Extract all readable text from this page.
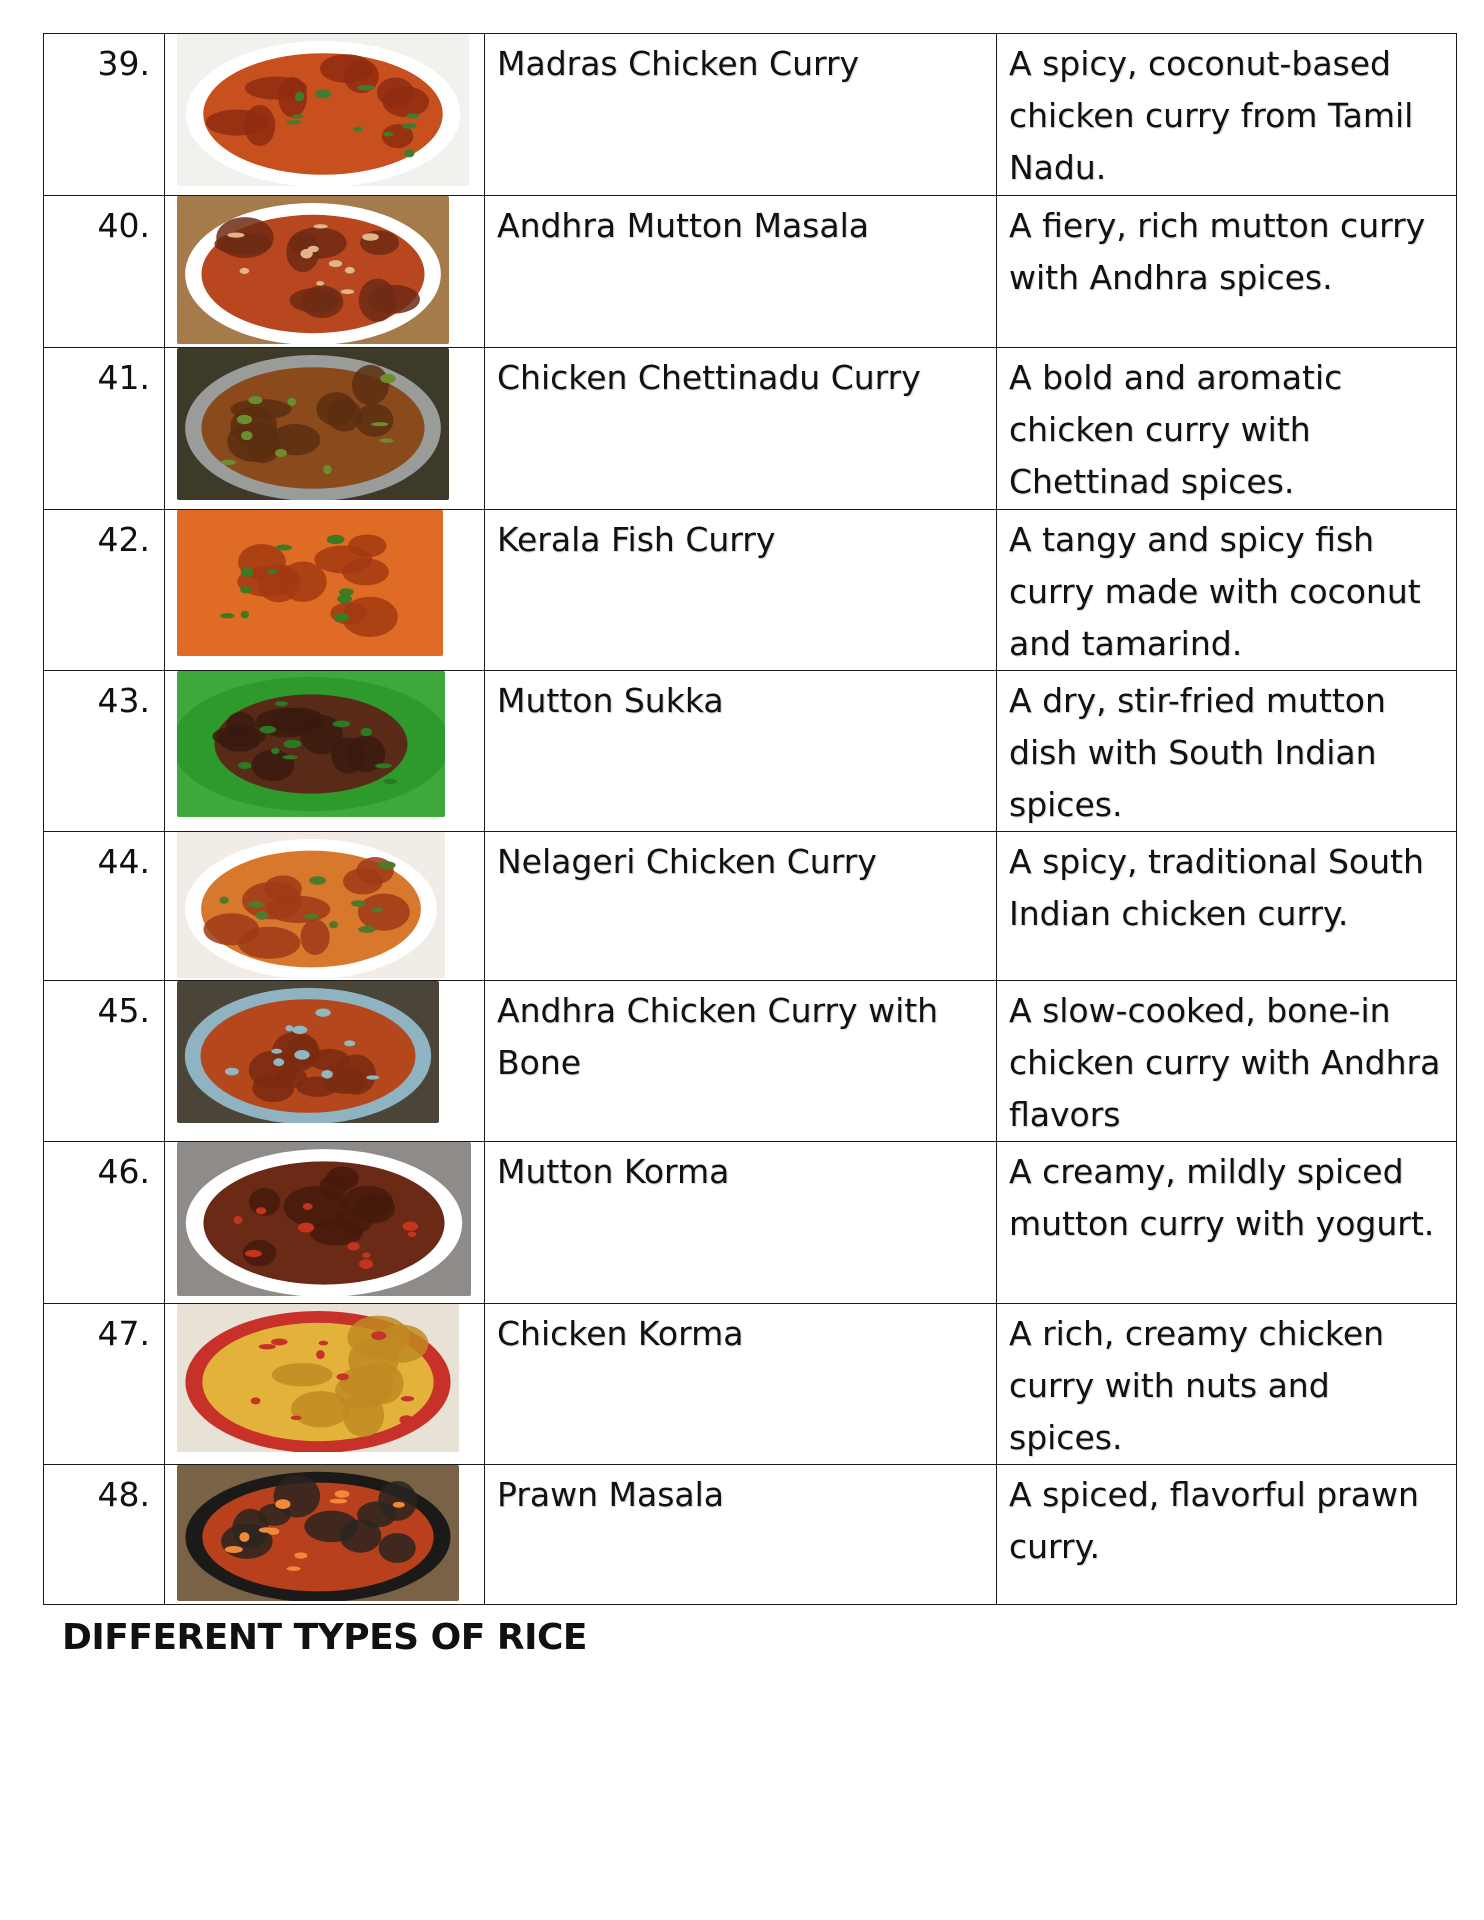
39.		Madras Chicken Curry	A spicy, coconut-based chicken curry from Tamil Nadu.
40.		Andhra Mutton Masala	A fiery, rich mutton curry with Andhra spices.
41.		Chicken Chettinadu Curry	A bold and aromatic chicken curry with Chettinad spices.
42.		Kerala Fish Curry	A tangy and spicy fish curry made with coconut and tamarind.
43.		Mutton Sukka	A dry, stir-fried mutton dish with South Indian spices.
44.		Nelageri Chicken Curry	A spicy, traditional South Indian chicken curry.
45.		Andhra Chicken Curry with Bone	A slow-cooked, bone-in chicken curry with Andhra flavors
46.		Mutton Korma	A creamy, mildly spiced mutton curry with yogurt.
47.		Chicken Korma	A rich, creamy chicken curry with nuts and spices.
48.		Prawn Masala	A spiced, flavorful prawn curry.
DIFFERENT TYPES OF RICE
